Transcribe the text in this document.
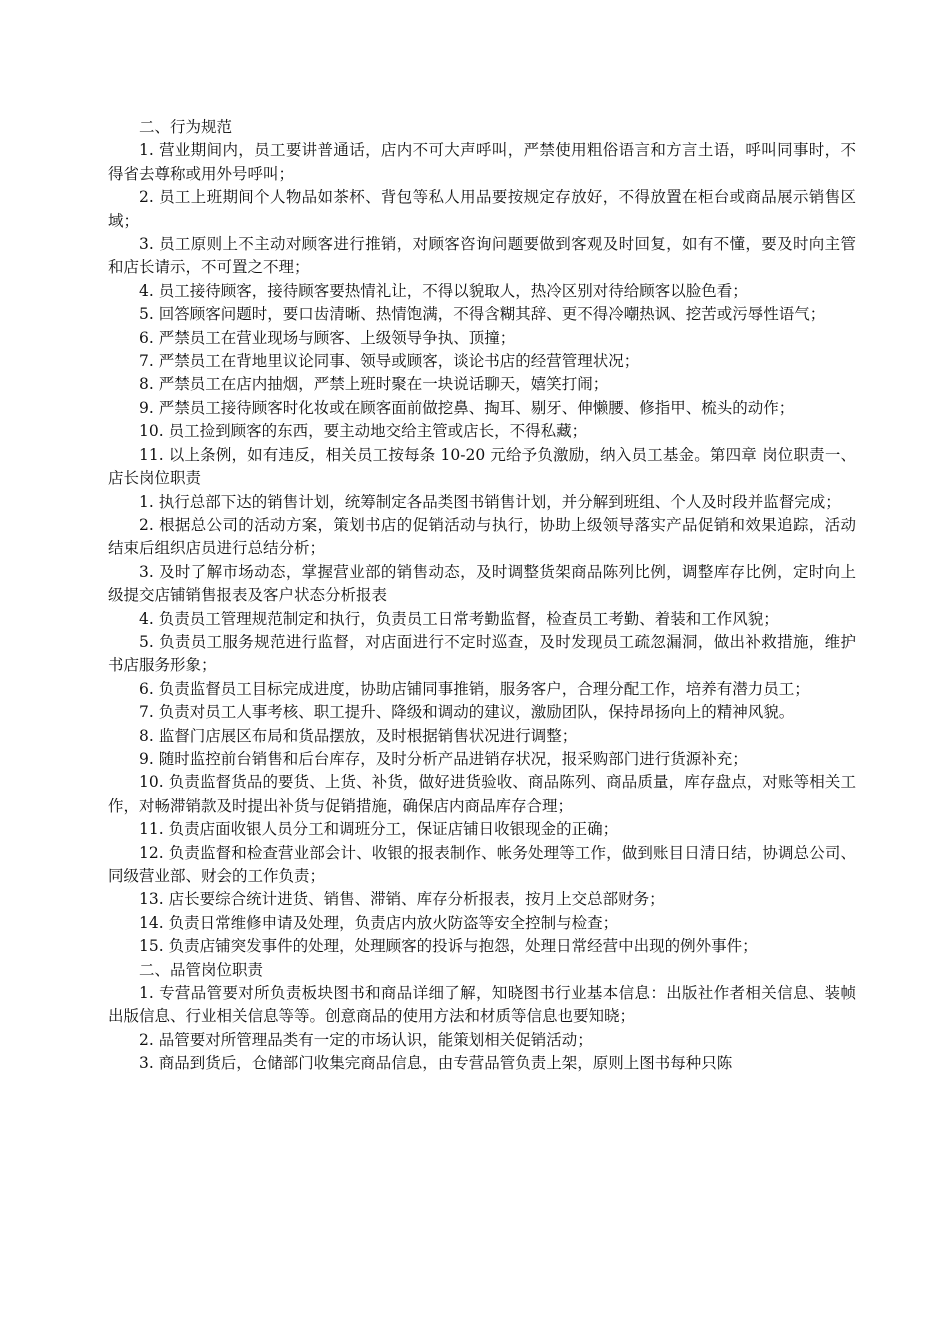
二、行为规范

1. 营业期间内，员工要讲普通话，店内不可大声呼叫，严禁使用粗俗语言和方言土语，呼叫同事时，不得省去尊称或用外号呼叫；

2. 员工上班期间个人物品如茶杯、背包等私人用品要按规定存放好，不得放置在柜台或商品展示销售区域；

3. 员工原则上不主动对顾客进行推销，对顾客咨询问题要做到客观及时回复，如有不懂，要及时向主管和店长请示，不可置之不理；

4. 员工接待顾客，接待顾客要热情礼让，不得以貌取人，热冷区别对待给顾客以脸色看；

5. 回答顾客问题时，要口齿清晰、热情饱满，不得含糊其辞、更不得冷嘲热讽、挖苦或污辱性语气；

6. 严禁员工在营业现场与顾客、上级领导争执、顶撞；

7. 严禁员工在背地里议论同事、领导或顾客，谈论书店的经营管理状况；

8. 严禁员工在店内抽烟，严禁上班时聚在一块说话聊天，嬉笑打闹；

9. 严禁员工接待顾客时化妆或在顾客面前做挖鼻、掏耳、剔牙、伸懒腰、修指甲、梳头的动作；

10. 员工捡到顾客的东西，要主动地交给主管或店长，不得私藏；

11. 以上条例，如有违反，相关员工按每条 10-20 元给予负激励，纳入员工基金。第四章 岗位职责一、店长岗位职责

1. 执行总部下达的销售计划，统筹制定各品类图书销售计划，并分解到班组、个人及时段并监督完成；

2. 根据总公司的活动方案，策划书店的促销活动与执行，协助上级领导落实产品促销和效果追踪，活动结束后组织店员进行总结分析；

3. 及时了解市场动态，掌握营业部的销售动态，及时调整货架商品陈列比例，调整库存比例，定时向上级提交店铺销售报表及客户状态分析报表

4. 负责员工管理规范制定和执行，负责员工日常考勤监督，检查员工考勤、着装和工作风貌；

5. 负责员工服务规范进行监督，对店面进行不定时巡查，及时发现员工疏忽漏洞，做出补救措施，维护书店服务形象；

6. 负责监督员工目标完成进度，协助店铺同事推销，服务客户，合理分配工作，培养有潜力员工；

7. 负责对员工人事考核、职工提升、降级和调动的建议，激励团队，保持昂扬向上的精神风貌。

8. 监督门店展区布局和货品摆放，及时根据销售状况进行调整；

9. 随时监控前台销售和后台库存，及时分析产品进销存状况，报采购部门进行货源补充；

10. 负责监督货品的要货、上货、补货，做好进货验收、商品陈列、商品质量，库存盘点，对账等相关工作，对畅滞销款及时提出补货与促销措施，确保店内商品库存合理；

11. 负责店面收银人员分工和调班分工，保证店铺日收银现金的正确；

12. 负责监督和检查营业部会计、收银的报表制作、帐务处理等工作，做到账目日清日结，协调总公司、同级营业部、财会的工作负责；

13. 店长要综合统计进货、销售、滞销、库存分析报表，按月上交总部财务；

14. 负责日常维修申请及处理，负责店内放火防盗等安全控制与检查；

15. 负责店铺突发事件的处理，处理顾客的投诉与抱怨，处理日常经营中出现的例外事件；

二、品管岗位职责

1. 专营品管要对所负责板块图书和商品详细了解，知晓图书行业基本信息：出版社作者相关信息、装帧出版信息、行业相关信息等等。创意商品的使用方法和材质等信息也要知晓；

2. 品管要对所管理品类有一定的市场认识，能策划相关促销活动；

3. 商品到货后，仓储部门收集完商品信息，由专营品管负责上架，原则上图书每种只陈
